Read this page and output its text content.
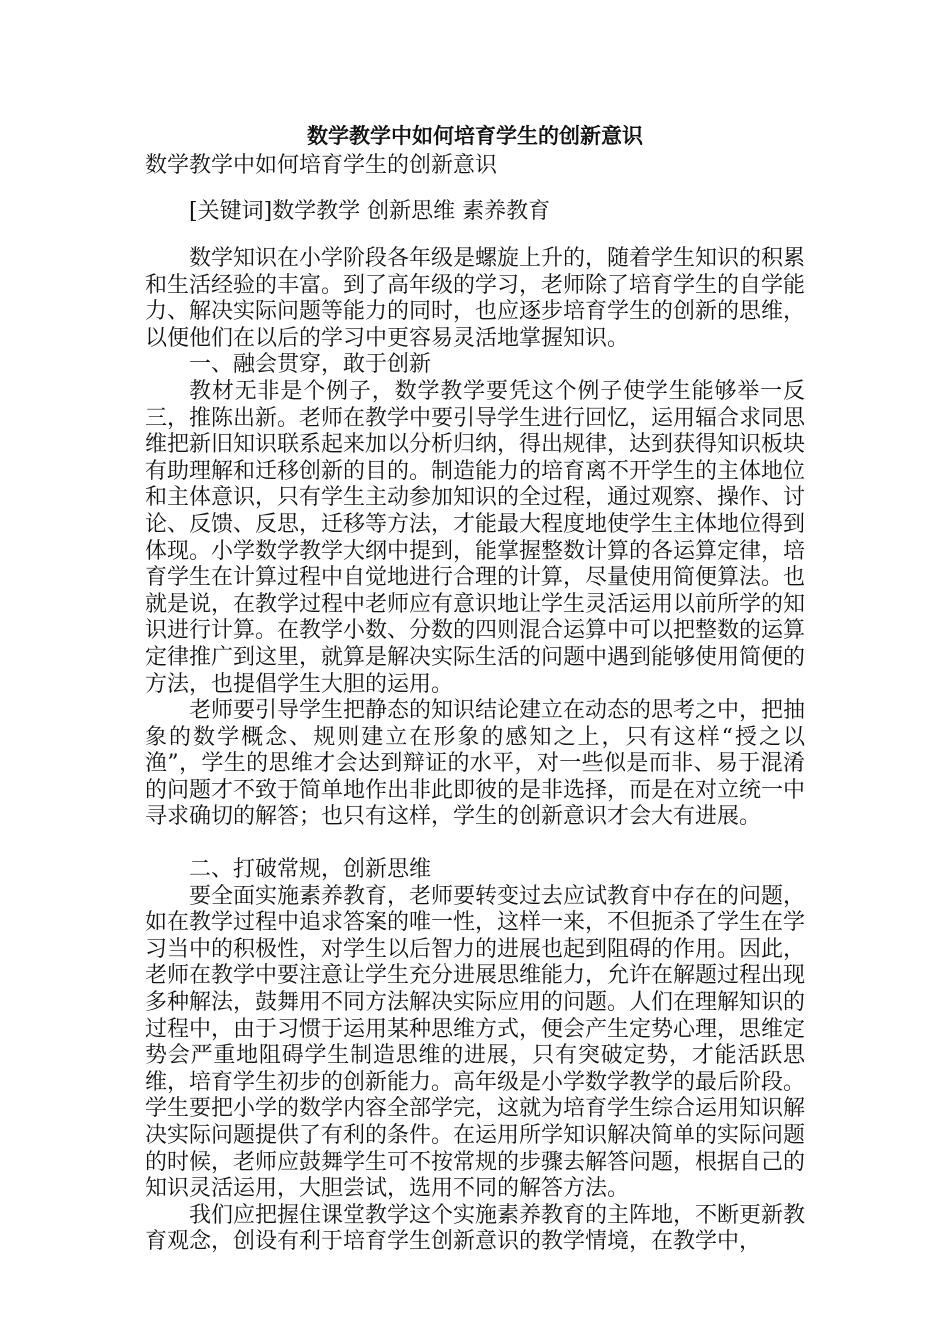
数学教学中如何培育学生的创新意识

数学教学中如何培育学生的创新意识

[关键词]数学教学 创新思维 素养教育

数学知识在小学阶段各年级是螺旋上升的，随着学生知识的积累和生活经验的丰富。到了高年级的学习，老师除了培育学生的自学能力、解决实际问题等能力的同时，也应逐步培育学生的创新的思维，以便他们在以后的学习中更容易灵活地掌握知识。

一、融会贯穿，敢于创新

教材无非是个例子，数学教学要凭这个例子使学生能够举一反三，推陈出新。老师在教学中要引导学生进行回忆，运用辐合求同思维把新旧知识联系起来加以分析归纳，得出规律，达到获得知识板块有助理解和迁移创新的目的。制造能力的培育离不开学生的主体地位和主体意识，只有学生主动参加知识的全过程，通过观察、操作、讨论、反馈、反思，迁移等方法，才能最大程度地使学生主体地位得到体现。小学数学教学大纲中提到，能掌握整数计算的各运算定律，培育学生在计算过程中自觉地进行合理的计算，尽量使用简便算法。也就是说，在教学过程中老师应有意识地让学生灵活运用以前所学的知识进行计算。在教学小数、分数的四则混合运算中可以把整数的运算定律推广到这里，就算是解决实际生活的问题中遇到能够使用简便的方法，也提倡学生大胆的运用。

老师要引导学生把静态的知识结论建立在动态的思考之中，把抽象的数学概念、规则建立在形象的感知之上，只有这样“授之以渔”，学生的思维才会达到辩证的水平，对一些似是而非、易于混淆的问题才不致于简单地作出非此即彼的是非选择，而是在对立统一中寻求确切的解答；也只有这样，学生的创新意识才会大有进展。

二、打破常规，创新思维

要全面实施素养教育，老师要转变过去应试教育中存在的问题，如在教学过程中追求答案的唯一性，这样一来，不但扼杀了学生在学习当中的积极性，对学生以后智力的进展也起到阻碍的作用。因此，老师在教学中要注意让学生充分进展思维能力，允许在解题过程出现多种解法，鼓舞用不同方法解决实际应用的问题。人们在理解知识的过程中，由于习惯于运用某种思维方式，便会产生定势心理，思维定势会严重地阻碍学生制造思维的进展，只有突破定势，才能活跃思维，培育学生初步的创新能力。高年级是小学数学教学的最后阶段。学生要把小学的数学内容全部学完，这就为培育学生综合运用知识解决实际问题提供了有利的条件。在运用所学知识解决简单的实际问题的时候，老师应鼓舞学生可不按常规的步骤去解答问题，根据自己的知识灵活运用，大胆尝试，选用不同的解答方法。

我们应把握住课堂教学这个实施素养教育的主阵地，不断更新教育观念，创设有利于培育学生创新意识的教学情境，在教学中，
